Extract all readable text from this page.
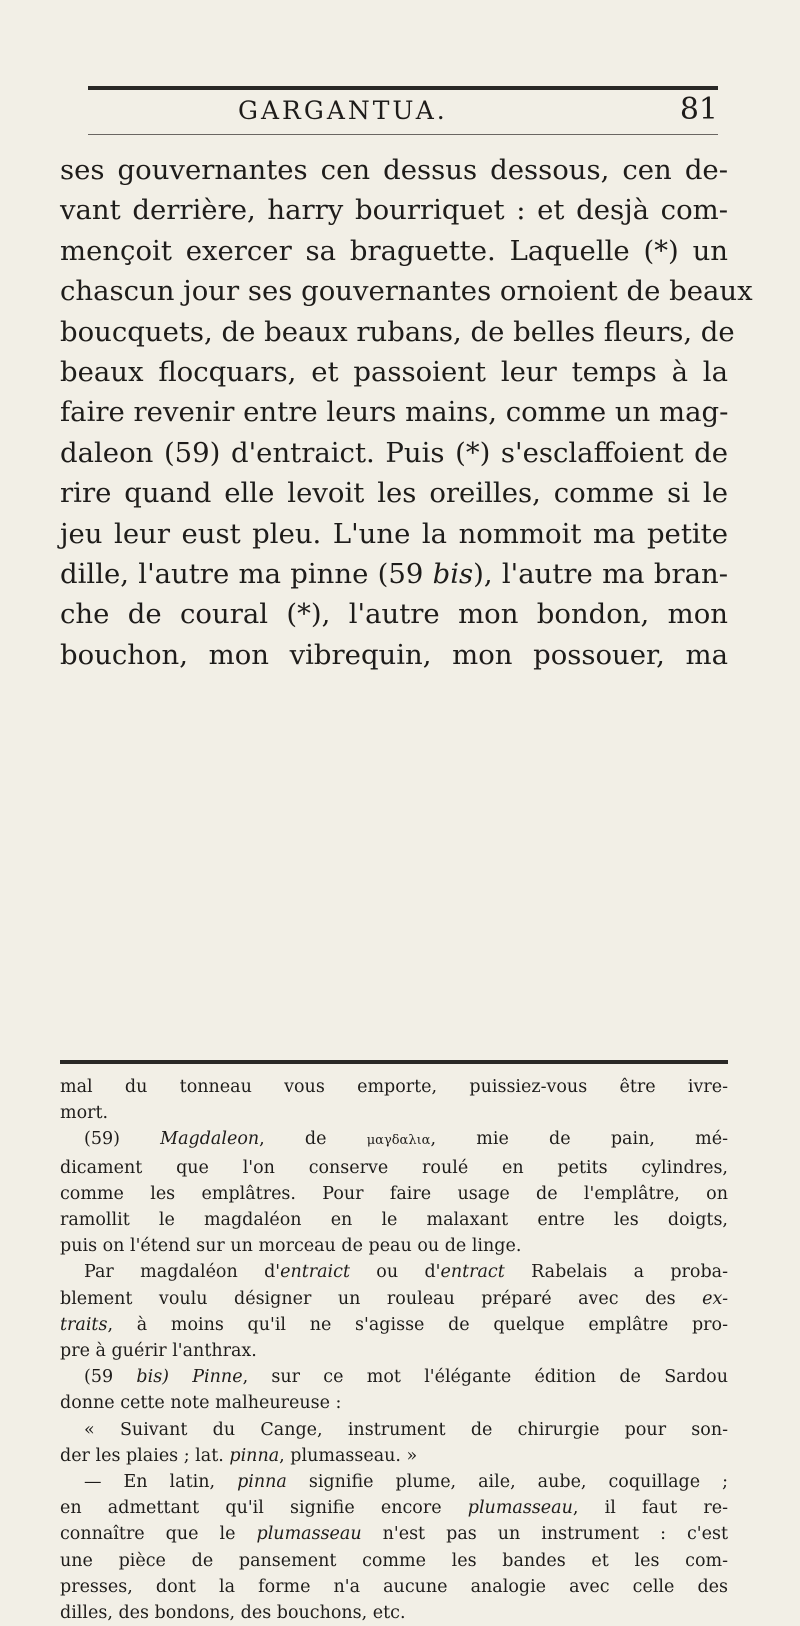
GARGANTUA.	81
ses gouvernantes cen dessus dessous, cen de-
vant derrière, harry bourriquet : et desjà com-
mençoit exercer sa braguette. Laquelle (*) un
chascun jour ses gouvernantes ornoient de beaux
boucquets, de beaux rubans, de belles fleurs, de
beaux flocquars, et passoient leur temps à la
faire revenir entre leurs mains, comme un mag-
daleon (59) d'entraict. Puis (*) s'esclaffoient de
rire quand elle levoit les oreilles, comme si le
jeu leur eust pleu. L'une la nommoit ma petite
dille, l'autre ma pinne (59 bis), l'autre ma bran-
che de coural (*), l'autre mon bondon, mon
bouchon, mon vibrequin, mon possouer, ma
mal du tonneau vous emporte, puissiez-vous être ivre-
mort.
(59) Magdaleon, de μαγδαλια, mie de pain, mé-
dicament que l'on conserve roulé en petits cylindres,
comme les emplâtres. Pour faire usage de l'emplâtre, on
ramollit le magdaléon en le malaxant entre les doigts,
puis on l'étend sur un morceau de peau ou de linge.
Par magdaléon d'entraict ou d'entract Rabelais a proba-
blement voulu désigner un rouleau préparé avec des ex-
traits, à moins qu'il ne s'agisse de quelque emplâtre pro-
pre à guérir l'anthrax.
(59 bis) Pinne, sur ce mot l'élégante édition de Sardou
donne cette note malheureuse :
« Suivant du Cange, instrument de chirurgie pour son-
der les plaies ; lat. pinna, plumasseau. »
— En latin, pinna signifie plume, aile, aube, coquillage ;
en admettant qu'il signifie encore plumasseau, il faut re-
connaître que le plumasseau n'est pas un instrument : c'est
une pièce de pansement comme les bandes et les com-
presses, dont la forme n'a aucune analogie avec celle des
dilles, des bondons, des bouchons, etc.
